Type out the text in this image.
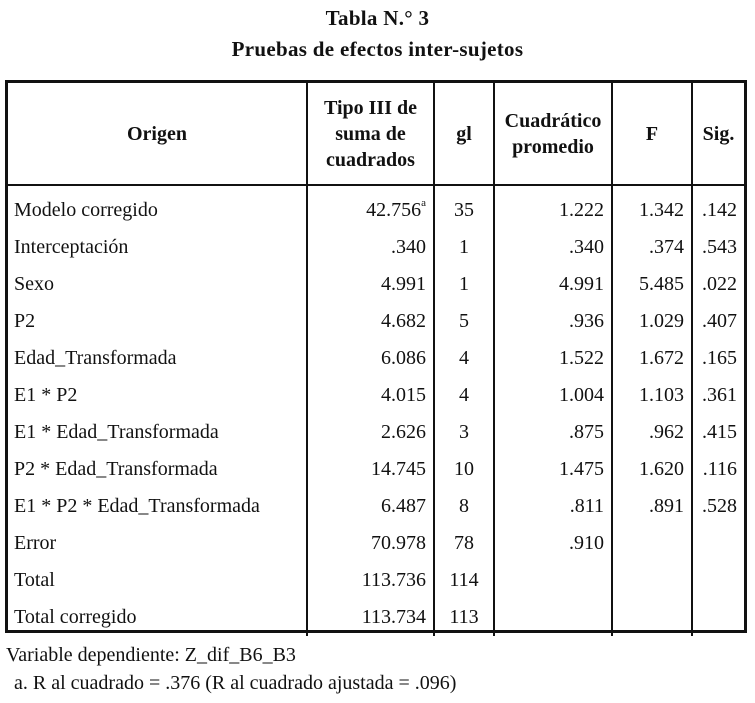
Tabla N.° 3
Pruebas de efectos inter-sujetos
Origen	Tipo III de suma de cuadrados	gl	Cuadrático promedio	F	Sig.
Modelo corregido	42.756$^a$	35	1.222	1.342	.142
Interceptación	.340	1	.340	.374	.543
Sexo	4.991	1	4.991	5.485	.022
P2	4.682	5	.936	1.029	.407
Edad_Transformada	6.086	4	1.522	1.672	.165
E1 * P2	4.015	4	1.004	1.103	.361
E1 * Edad_Transformada	2.626	3	.875	.962	.415
P2 * Edad_Transformada	14.745	10	1.475	1.620	.116
E1 * P2 * Edad_Transformada	6.487	8	.811	.891	.528
Error	70.978	78	.910		
Total	113.736	114			
Total corregido	113.734	113			
Variable dependiente: Z_dif_B6_B3
a. R al cuadrado = .376 (R al cuadrado ajustada = .096)
